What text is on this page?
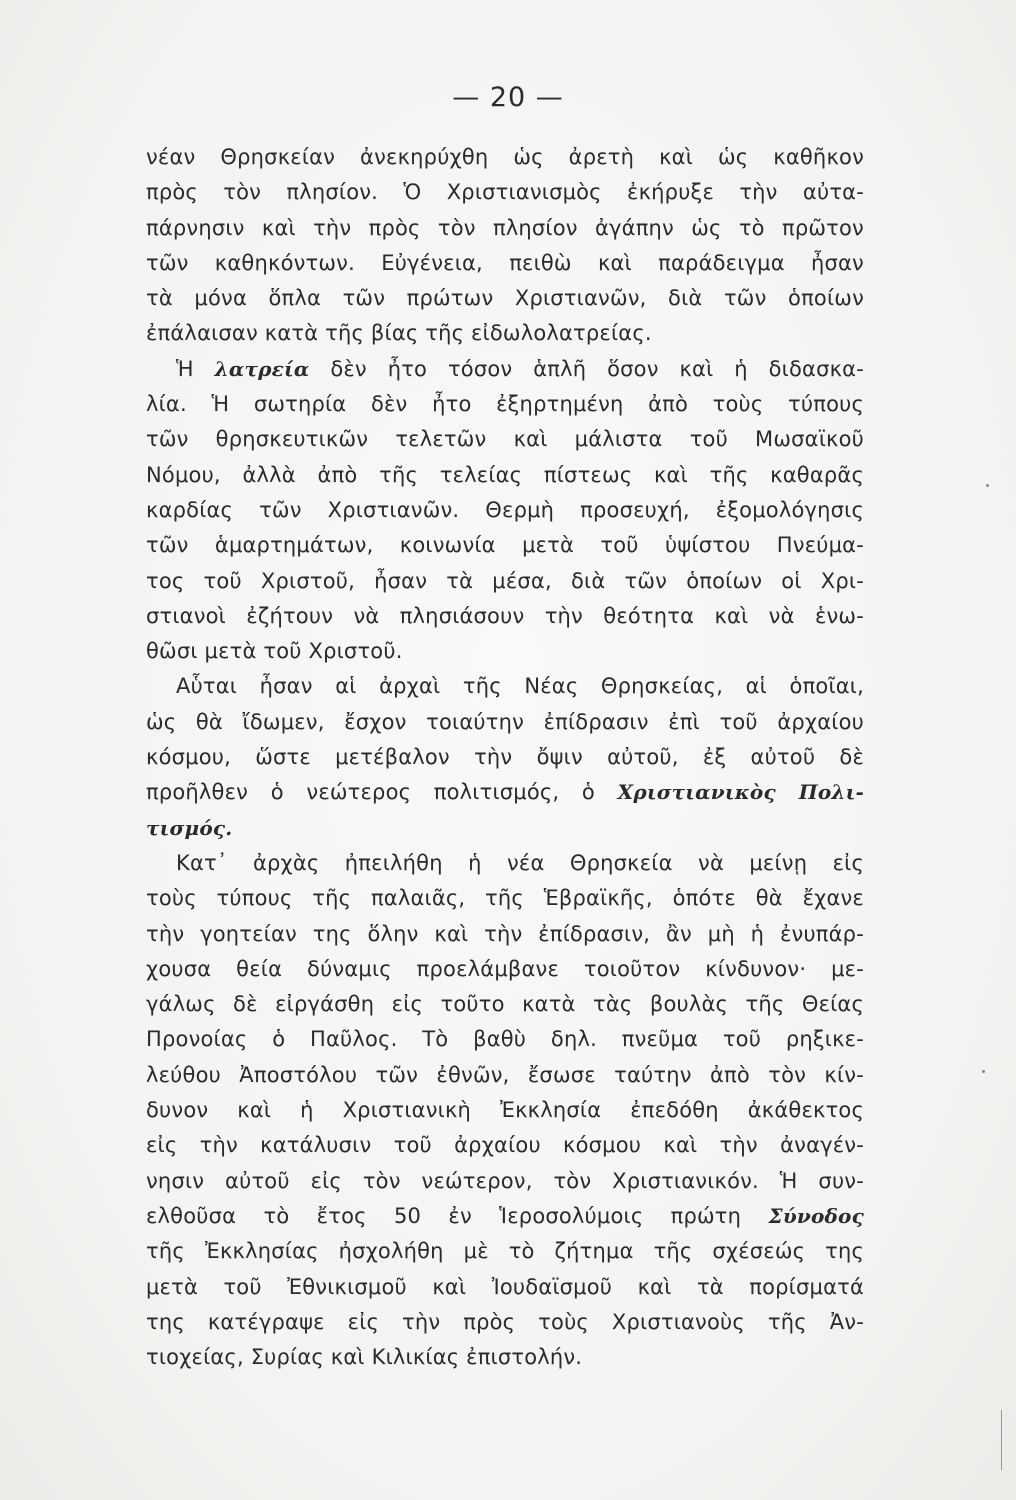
— 20 —
νέαν Θρησκείαν ἀνεκηρύχθη ὡς ἀρετὴ καὶ ὡς καθῆκον
πρὸς τὸν πλησίον. Ὁ Χριστιανισμὸς ἐκήρυξε τὴν αὐτα-
πάρνησιν καὶ τὴν πρὸς τὸν πλησίον ἀγάπην ὡς τὸ πρῶτον
τῶν καθηκόντων. Εὐγένεια, πειθὼ καὶ παράδειγμα ἦσαν
τὰ μόνα ὅπλα τῶν πρώτων Χριστιανῶν, διὰ τῶν ὁποίων
ἐπάλαισαν κατὰ τῆς βίας τῆς εἰδωλολατρείας.
Ἡ λατρεία δὲν ἦτο τόσον ἁπλῆ ὅσον καὶ ἡ διδασκα-
λία. Ἡ σωτηρία δὲν ἦτο ἐξηρτημένη ἀπὸ τοὺς τύπους
τῶν θρησκευτικῶν τελετῶν καὶ μάλιστα τοῦ Μωσαϊκοῦ
Νόμου, ἀλλὰ ἀπὸ τῆς τελείας πίστεως καὶ τῆς καθαρᾶς
καρδίας τῶν Χριστιανῶν. Θερμὴ προσευχή, ἐξομολόγησις
τῶν ἁμαρτημάτων, κοινωνία μετὰ τοῦ ὑψίστου Πνεύμα-
τος τοῦ Χριστοῦ, ἦσαν τὰ μέσα, διὰ τῶν ὁποίων οἱ Χρι-
στιανοὶ ἐζήτουν νὰ πλησιάσουν τὴν θεότητα καὶ νὰ ἑνω-
θῶσι μετὰ τοῦ Χριστοῦ.
Αὗται ἦσαν αἱ ἀρχαὶ τῆς Νέας Θρησκείας, αἱ ὁποῖαι,
ὡς θὰ ἴδωμεν, ἔσχον τοιαύτην ἐπίδρασιν ἐπὶ τοῦ ἀρχαίου
κόσμου, ὥστε μετέβαλον τὴν ὄψιν αὐτοῦ, ἐξ αὐτοῦ δὲ
προῆλθεν ὁ νεώτερος πολιτισμός, ὁ Χριστιανικὸς Πολι-
τισμός.
Κατ᾽ ἀρχὰς ἠπειλήθη ἡ νέα Θρησκεία νὰ μείνῃ εἰς
τοὺς τύπους τῆς παλαιᾶς, τῆς Ἑβραϊκῆς, ὁπότε θὰ ἔχανε
τὴν γοητείαν της ὅλην καὶ τὴν ἐπίδρασιν, ἂν μὴ ἡ ἐνυπάρ-
χουσα θεία δύναμις προελάμβανε τοιοῦτον κίνδυνον· με-
γάλως δὲ εἰργάσθη εἰς τοῦτο κατὰ τὰς βουλὰς τῆς Θείας
Προνοίας ὁ Παῦλος. Τὸ βαθὺ δηλ. πνεῦμα τοῦ ρηξικε-
λεύθου Ἀποστόλου τῶν ἐθνῶν, ἔσωσε ταύτην ἀπὸ τὸν κίν-
δυνον καὶ ἡ Χριστιανικὴ Ἐκκλησία ἐπεδόθη ἀκάθεκτος
εἰς τὴν κατάλυσιν τοῦ ἀρχαίου κόσμου καὶ τὴν ἀναγέν-
νησιν αὐτοῦ εἰς τὸν νεώτερον, τὸν Χριστιανικόν. Ἡ συν-
ελθοῦσα τὸ ἔτος 50 ἐν Ἱεροσολύμοις πρώτη Σύνοδος
τῆς Ἐκκλησίας ἠσχολήθη μὲ τὸ ζήτημα τῆς σχέσεώς της
μετὰ τοῦ Ἐθνικισμοῦ καὶ Ἰουδαϊσμοῦ καὶ τὰ πορίσματά
της κατέγραψε εἰς τὴν πρὸς τοὺς Χριστιανοὺς τῆς Ἀν-
τιοχείας, Συρίας καὶ Κιλικίας ἐπιστολήν.
